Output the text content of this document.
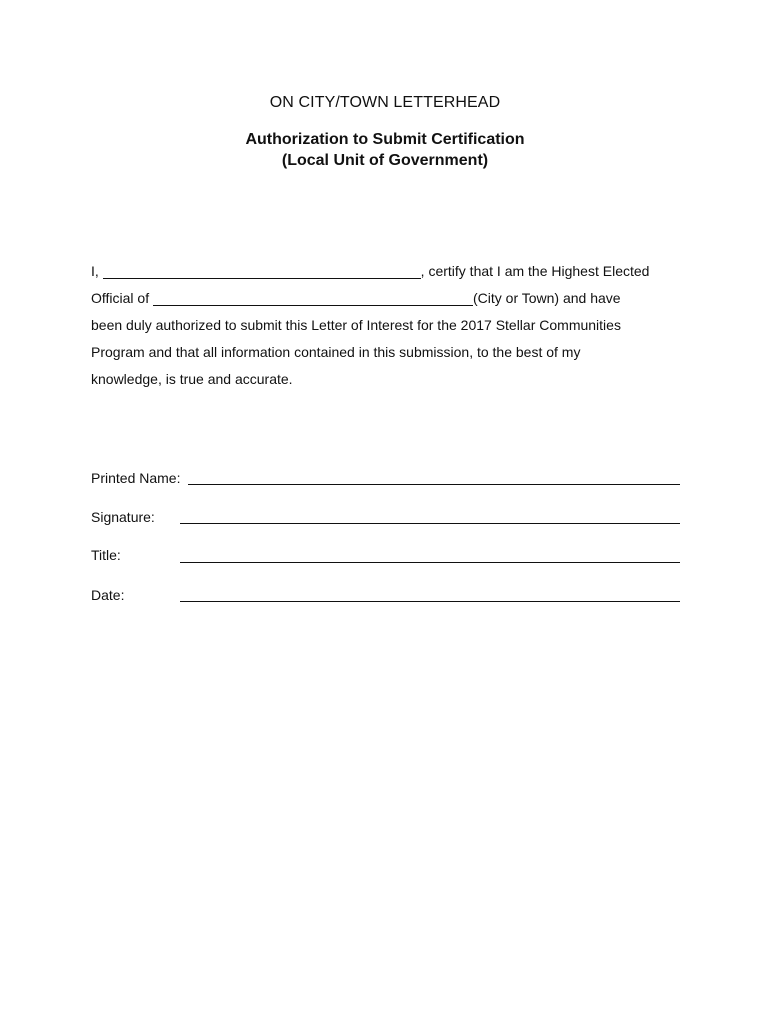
ON CITY/TOWN LETTERHEAD
Authorization to Submit Certification
(Local Unit of Government)
I,	, certify that I am the Highest Elected
Official of	(City or Town) and have
been duly authorized to submit this Letter of Interest for the 2017 Stellar Communities
Program and that all information contained in this submission, to the best of my
knowledge, is true and accurate.
Printed Name:
Signature:
Title:
Date:
